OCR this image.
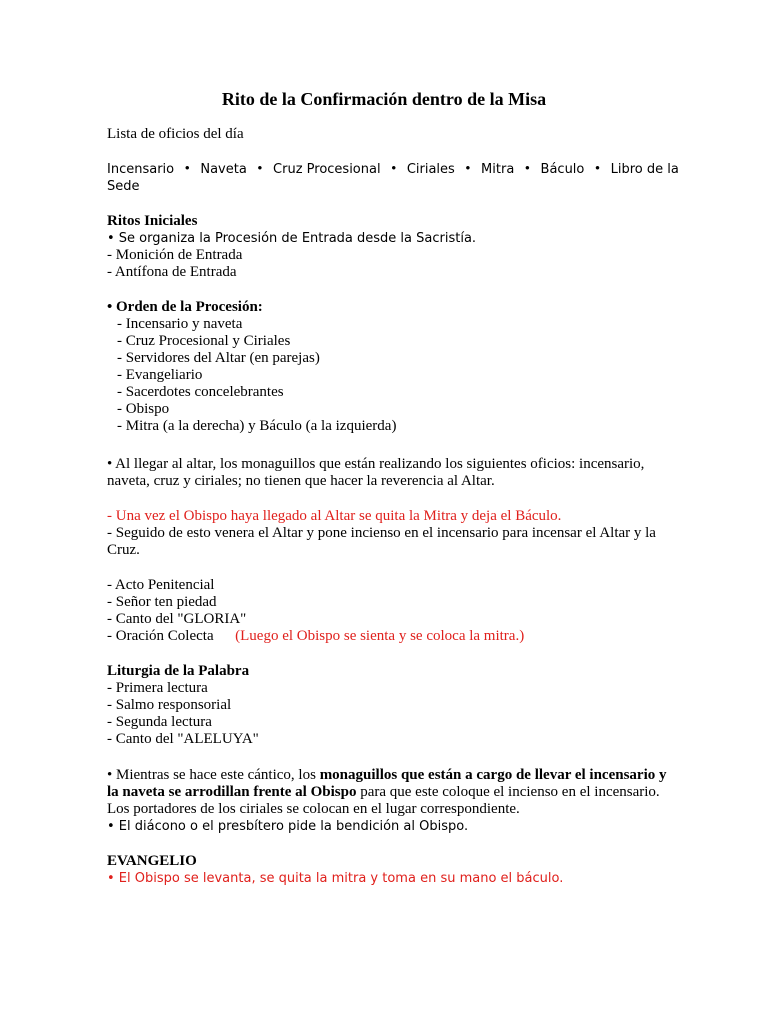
Rito de la Confirmación dentro de la Misa
Lista de oficios del día
Incensario • Naveta • Cruz Procesional • Ciriales • Mitra • Báculo • Libro de la
Sede
Ritos Iniciales
• Se organiza la Procesión de Entrada desde la Sacristía.
- Monición de Entrada
- Antífona de Entrada
• Orden de la Procesión:
- Incensario y naveta
- Cruz Procesional y Ciriales
- Servidores del Altar (en parejas)
- Evangeliario
- Sacerdotes concelebrantes
- Obispo
- Mitra (a la derecha) y Báculo (a la izquierda)
• Al llegar al altar, los monaguillos que están realizando los siguientes oficios: incensario,
naveta, cruz y ciriales; no tienen que hacer la reverencia al Altar.
- Una vez el Obispo haya llegado al Altar se quita la Mitra y deja el Báculo.
- Seguido de esto venera el Altar y pone incienso en el incensario para incensar el Altar y la
Cruz.
- Acto Penitencial
- Señor ten piedad
- Canto del "GLORIA"
- Oración Colecta (Luego el Obispo se sienta y se coloca la mitra.)
Liturgia de la Palabra
- Primera lectura
- Salmo responsorial
- Segunda lectura
- Canto del "ALELUYA"
• Mientras se hace este cántico, los monaguillos que están a cargo de llevar el incensario y
la naveta se arrodillan frente al Obispo para que este coloque el incienso en el incensario.
Los portadores de los ciriales se colocan en el lugar correspondiente.
• El diácono o el presbítero pide la bendición al Obispo.
EVANGELIO
• El Obispo se levanta, se quita la mitra y toma en su mano el báculo.
